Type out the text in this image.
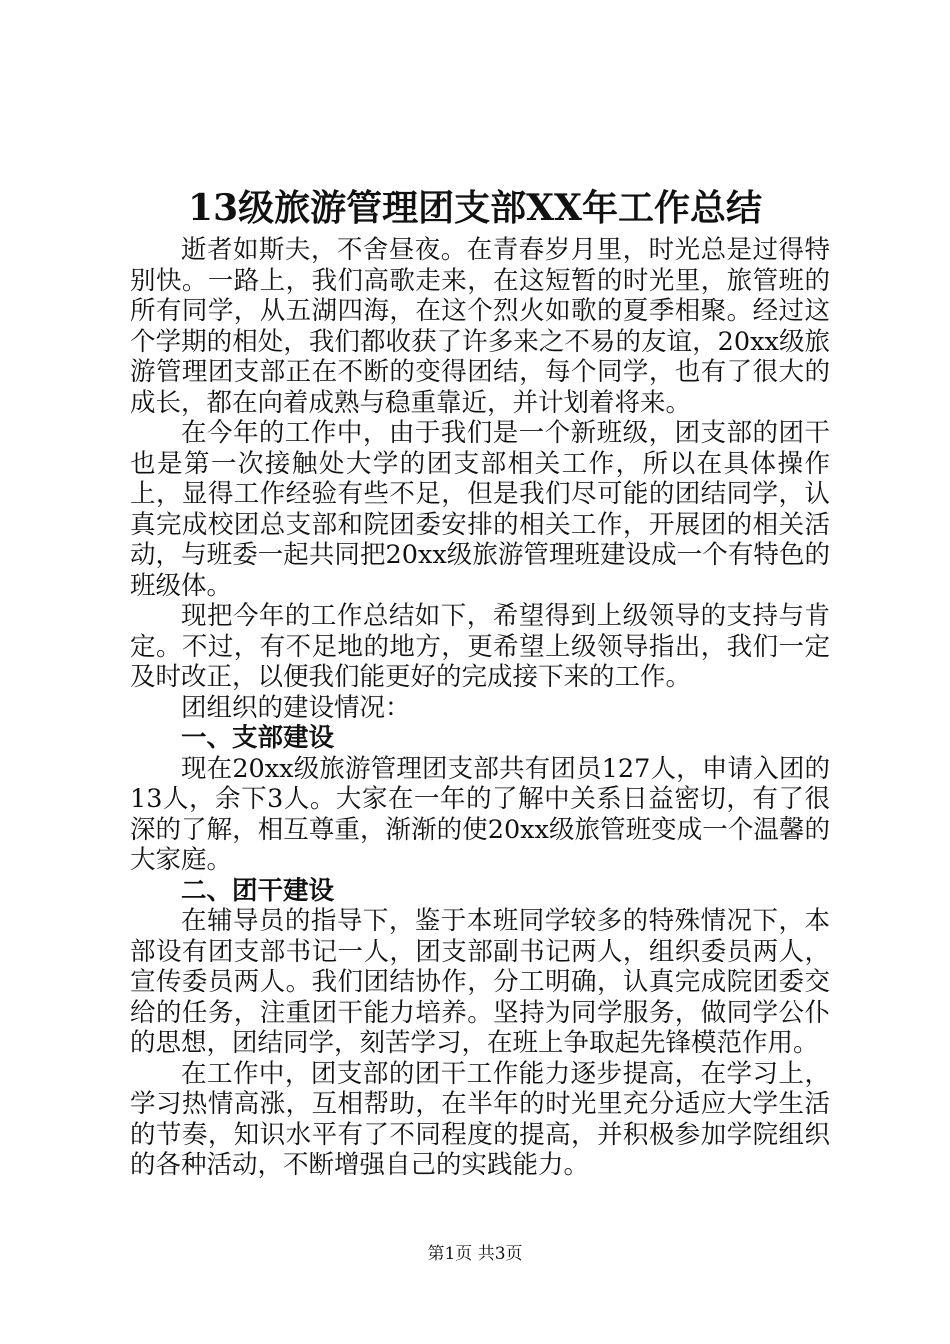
13级旅游管理团支部XX年工作总结

逝者如斯夫，不舍昼夜。在青春岁月里，时光总是过得特别快。一路上，我们高歌走来，在这短暂的时光里，旅管班的所有同学，从五湖四海，在这个烈火如歌的夏季相聚。经过这个学期的相处，我们都收获了许多来之不易的友谊，20xx级旅游管理团支部正在不断的变得团结，每个同学，也有了很大的成长，都在向着成熟与稳重靠近，并计划着将来。

在今年的工作中，由于我们是一个新班级，团支部的团干也是第一次接触处大学的团支部相关工作，所以在具体操作上，显得工作经验有些不足，但是我们尽可能的团结同学，认真完成校团总支部和院团委安排的相关工作，开展团的相关活动，与班委一起共同把20xx级旅游管理班建设成一个有特色的班级体。

现把今年的工作总结如下，希望得到上级领导的支持与肯定。不过，有不足地的地方，更希望上级领导指出，我们一定及时改正，以便我们能更好的完成接下来的工作。

团组织的建设情况：

一、支部建设

现在20xx级旅游管理团支部共有团员127人，申请入团的13人，余下3人。大家在一年的了解中关系日益密切，有了很深的了解，相互尊重，渐渐的使20xx级旅管班变成一个温馨的大家庭。

二、团干建设

在辅导员的指导下，鉴于本班同学较多的特殊情况下，本部设有团支部书记一人，团支部副书记两人，组织委员两人，宣传委员两人。我们团结协作，分工明确，认真完成院团委交给的任务，注重团干能力培养。坚持为同学服务，做同学公仆的思想，团结同学，刻苦学习，在班上争取起先锋模范作用。

在工作中，团支部的团干工作能力逐步提高，在学习上，学习热情高涨，互相帮助，在半年的时光里充分适应大学生活的节奏，知识水平有了不同程度的提高，并积极参加学院组织的各种活动，不断增强自己的实践能力。

第1页 共3页
